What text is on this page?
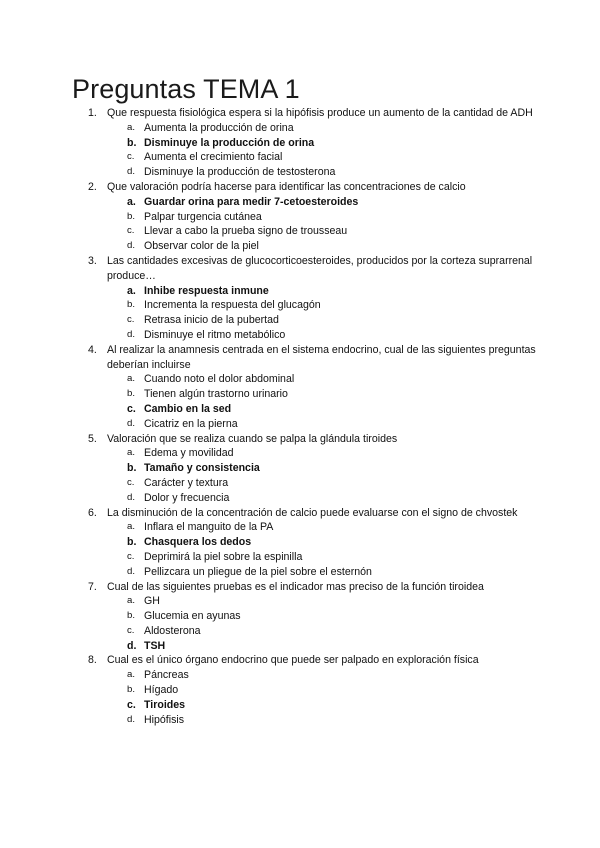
Preguntas TEMA 1
1. Que respuesta fisiológica espera si la hipófisis produce un aumento de la cantidad de ADH
a. Aumenta la producción de orina
b. Disminuye la producción de orina
c. Aumenta el crecimiento facial
d. Disminuye la producción de testosterona
2. Que valoración podría hacerse para identificar las concentraciones de calcio
a. Guardar orina para medir 7-cetoesteroides
b. Palpar turgencia cutánea
c. Llevar a cabo la prueba signo de trousseau
d. Observar color de la piel
3. Las cantidades excesivas de glucocorticoesteroides, producidos por la corteza suprarrenal produce…
a. Inhibe respuesta inmune
b. Incrementa la respuesta del glucagón
c. Retrasa inicio de la pubertad
d. Disminuye el ritmo metabólico
4. Al realizar la anamnesis centrada en el sistema endocrino, cual de las siguientes preguntas deberían incluirse
a. Cuando noto el dolor abdominal
b. Tienen algún trastorno urinario
c. Cambio en la sed
d. Cicatriz en la pierna
5. Valoración que se realiza cuando se palpa la glándula tiroides
a. Edema y movilidad
b. Tamaño y consistencia
c. Carácter y textura
d. Dolor y frecuencia
6. La disminución de la concentración de calcio puede evaluarse con el signo de chvostek
a. Inflara el manguito de la PA
b. Chasquera los dedos
c. Deprimirá la piel sobre la espinilla
d. Pellizcara un pliegue de la piel sobre el esternón
7. Cual de las siguientes pruebas es el indicador mas preciso de la función tiroidea
a. GH
b. Glucemia en ayunas
c. Aldosterona
d. TSH
8. Cual es el único órgano endocrino que puede ser palpado en exploración física
a. Páncreas
b. Hígado
c. Tiroides
d. Hipófisis
